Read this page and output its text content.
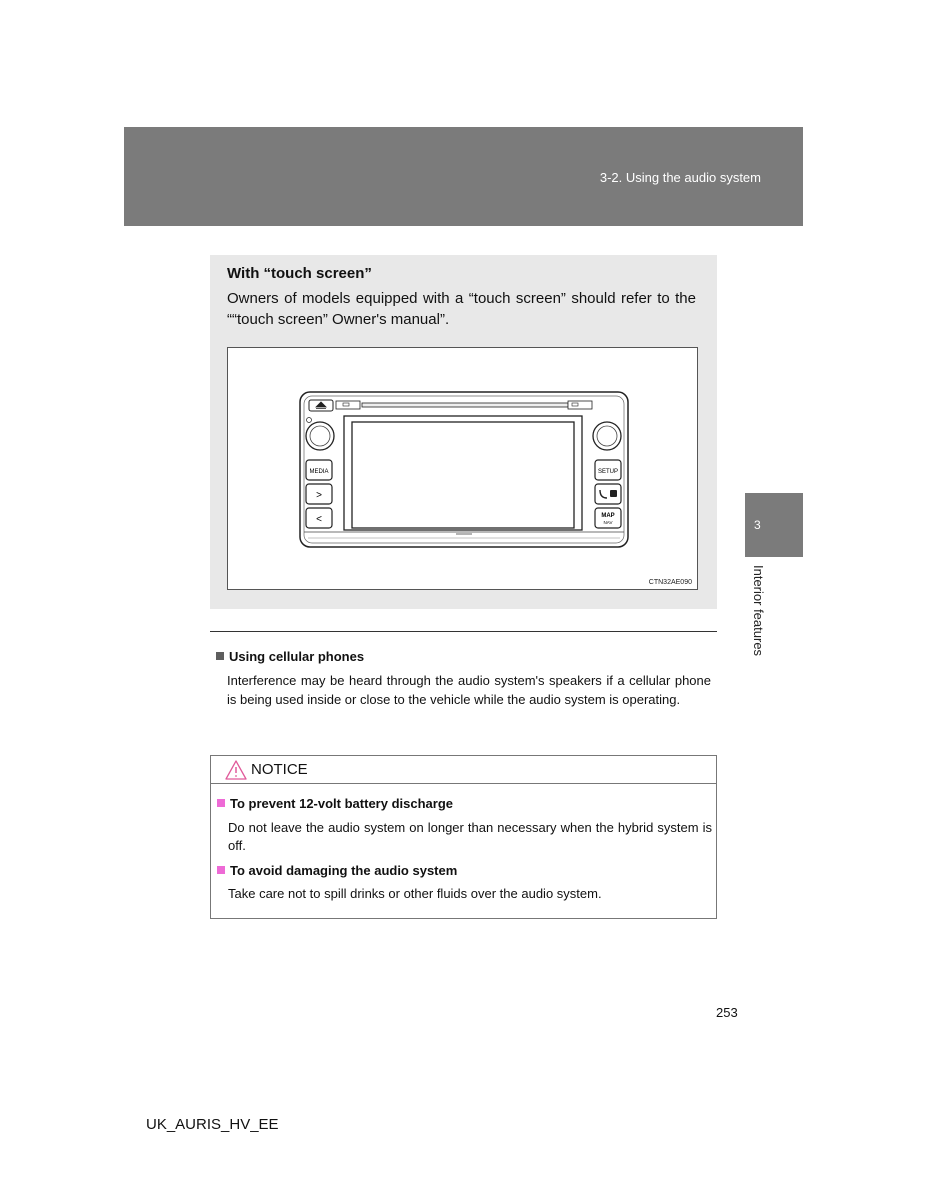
3-2. Using the audio system
3
Interior features
With “touch screen”
Owners of models equipped with a “touch screen” should refer to the ““touch screen” Owner's manual”.
MEDIA
>
<
SETUP
MAP
NAV
CTN32AE090
Using cellular phones
Interference may be heard through the audio system's speakers if a cellular phone is being used inside or close to the vehicle while the audio system is operating.
NOTICE
To prevent 12-volt battery discharge
Do not leave the audio system on longer than necessary when the hybrid system is off.
To avoid damaging the audio system
Take care not to spill drinks or other fluids over the audio system.
253
UK_AURIS_HV_EE
